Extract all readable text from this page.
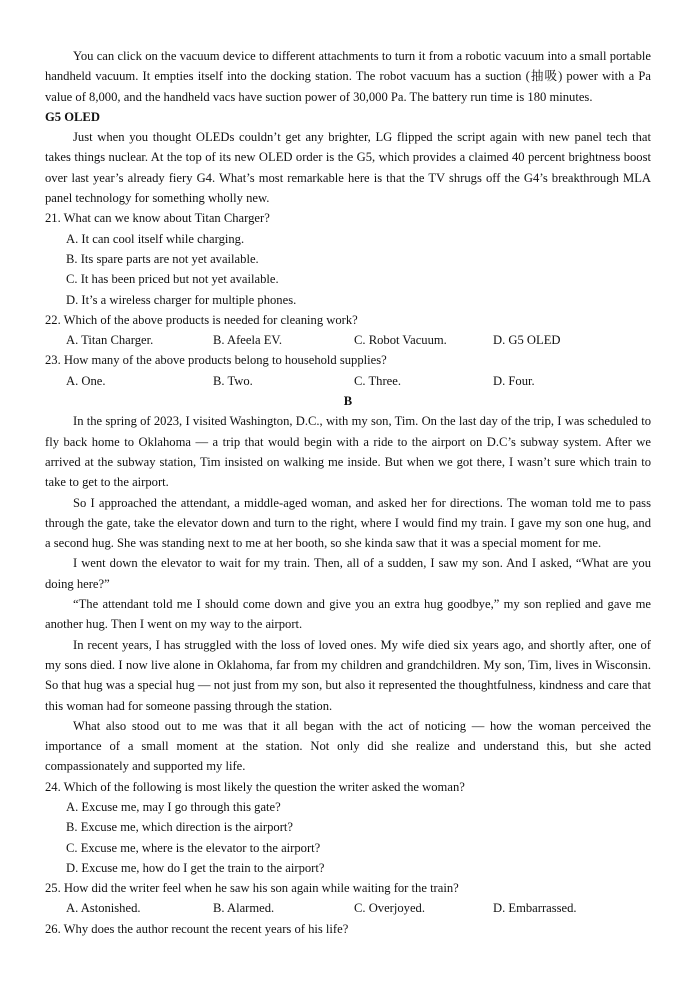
You can click on the vacuum device to different attachments to turn it from a robotic vacuum into a small portable handheld vacuum. It empties itself into the docking station. The robot vacuum has a suction (抽吸) power with a Pa value of 8,000, and the handheld vacs have suction power of 30,000 Pa. The battery run time is 180 minutes.

G5 OLED

Just when you thought OLEDs couldn’t get any brighter, LG flipped the script again with new panel tech that takes things nuclear. At the top of its new OLED order is the G5, which provides a claimed 40 percent brightness boost over last year’s already fiery G4. What’s most remarkable here is that the TV shrugs off the G4’s breakthrough MLA panel technology for something wholly new.

21. What can we know about Titan Charger?

A. It can cool itself while charging.

B. Its spare parts are not yet available.

C. It has been priced but not yet available.

D. It’s a wireless charger for multiple phones.

22. Which of the above products is needed for cleaning work?

A. Titan Charger.	B. Afeela EV.	C. Robot Vacuum.	D. G5 OLED

23. How many of the above products belong to household supplies?

A. One.	B. Two.	C. Three.	D. Four.

B

In the spring of 2023, I visited Washington, D.C., with my son, Tim. On the last day of the trip, I was scheduled to fly back home to Oklahoma — a trip that would begin with a ride to the airport on D.C’s subway system. After we arrived at the subway station, Tim insisted on walking me inside. But when we got there, I wasn’t sure which train to take to get to the airport.

So I approached the attendant, a middle-aged woman, and asked her for directions. The woman told me to pass through the gate, take the elevator down and turn to the right, where I would find my train. I gave my son one hug, and a second hug. She was standing next to me at her booth, so she kinda saw that it was a special moment for me.

I went down the elevator to wait for my train. Then, all of a sudden, I saw my son. And I asked, “What are you doing here?”

“The attendant told me I should come down and give you an extra hug goodbye,” my son replied and gave me another hug. Then I went on my way to the airport.

In recent years, I has struggled with the loss of loved ones. My wife died six years ago, and shortly after, one of my sons died. I now live alone in Oklahoma, far from my children and grandchildren. My son, Tim, lives in Wisconsin. So that hug was a special hug — not just from my son, but also it represented the thoughtfulness, kindness and care that this woman had for someone passing through the station.

What also stood out to me was that it all began with the act of noticing — how the woman perceived the importance of a small moment at the station. Not only did she realize and understand this, but she acted compassionately and supported my life.

24. Which of the following is most likely the question the writer asked the woman?

A. Excuse me, may I go through this gate?

B. Excuse me, which direction is the airport?

C. Excuse me, where is the elevator to the airport?

D. Excuse me, how do I get the train to the airport?

25. How did the writer feel when he saw his son again while waiting for the train?

A. Astonished.	B. Alarmed.	C. Overjoyed.	D. Embarrassed.

26. Why does the author recount the recent years of his life?
